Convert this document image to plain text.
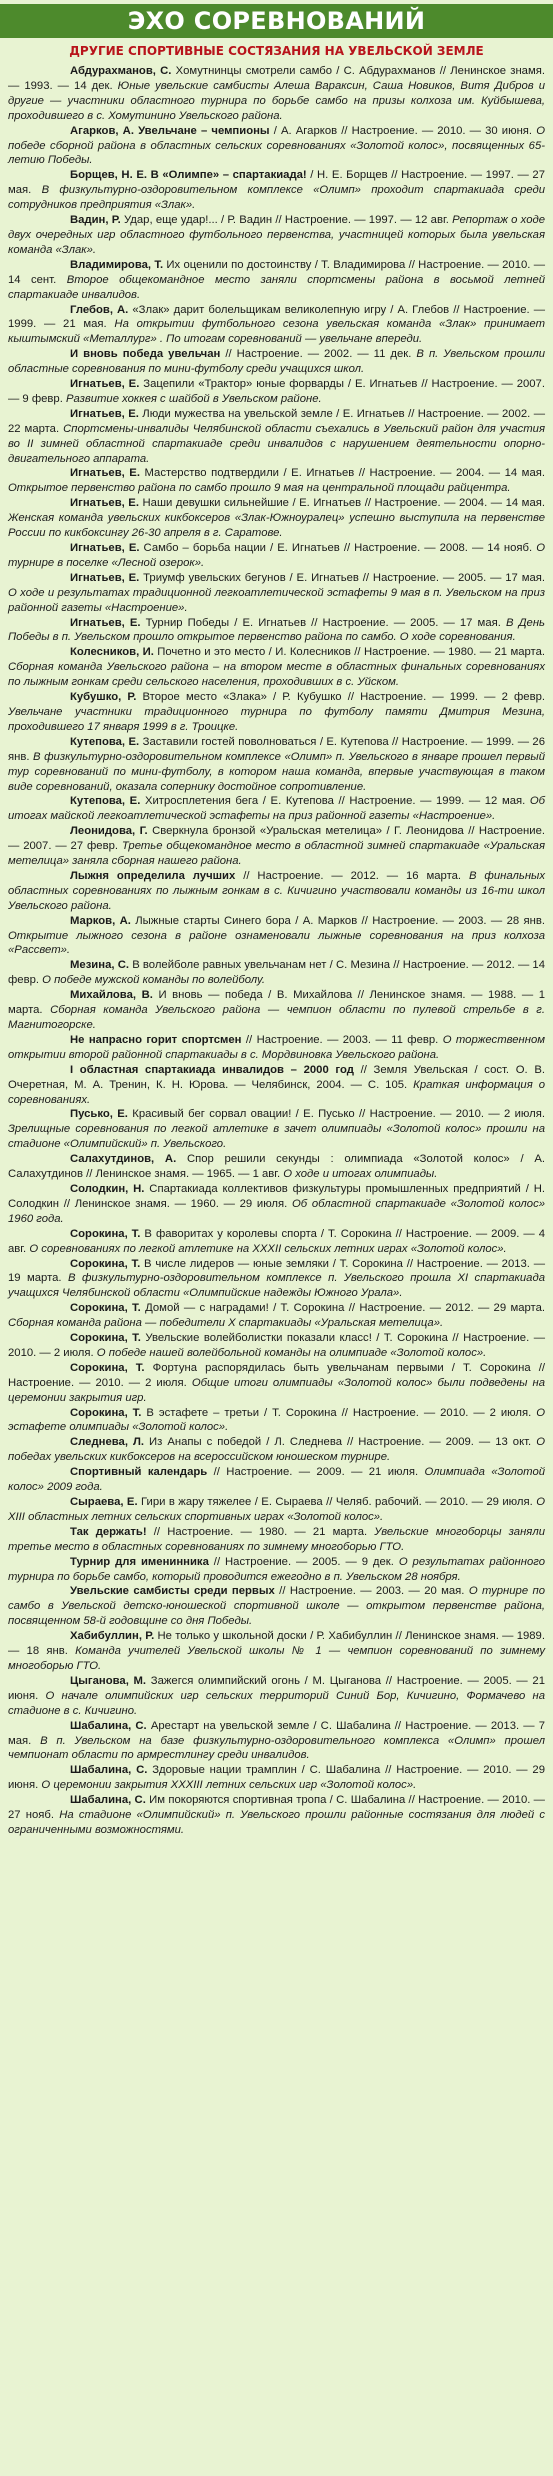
ЭХО СОРЕВНОВАНИЙ
ДРУГИЕ СПОРТИВНЫЕ СОСТЯЗАНИЯ НА УВЕЛЬСКОЙ ЗЕМЛЕ

Абдурахманов, С. Хомутнинцы смотрели самбо / С. Абдурахманов // Ленинское знамя. — 1993. — 14 дек. Юные увельские самбисты Алеша Вараксин, Саша Новиков, Витя Дибров и другие — участники областного турнира по борьбе самбо на призы колхоза им. Куйбышева, проходившего в с. Хомутинино Увельского района.

Агарков, А. Увельчане – чемпионы / А. Агарков // Настроение. — 2010. — 30 июня. О победе сборной района в областных сельских соревнованиях «Золотой колос», посвященных 65-летию Победы.

Борщев, Н. Е. В «Олимпе» – спартакиада! / Н. Е. Борщев // Настроение. — 1997. — 27 мая. В физкультурно-оздоровительном комплексе «Олимп» проходит спартакиада среди сотрудников предприятия «Злак».

Вадин, Р. Удар, еще удар!... / Р. Вадин // Настроение. — 1997. — 12 авг. Репортаж о ходе двух очередных игр областного футбольного первенства, участницей которых была увельская команда «Злак».

Владимирова, Т. Их оценили по достоинству / Т. Владимирова // Настроение. — 2010. — 14 сент. Второе общекомандное место заняли спортсмены района в восьмой летней спартакиаде инвалидов.

Глебов, А. «Злак» дарит болельщикам великолепную игру / А. Глебов // Настроение. — 1999. — 21 мая. На открытии футбольного сезона увельская команда «Злак» принимает кыштымский «Металлург» . По итогам соревнований — увельчане впереди.

И вновь победа увельчан // Настроение. — 2002. — 11 дек. В п. Увельском прошли областные соревнования по мини-футболу среди учащихся школ.

Игнатьев, Е. Зацепили «Трактор» юные форварды / Е. Игнатьев // Настроение. — 2007. — 9 февр. Развитие хоккея с шайбой в Увельском районе.

Игнатьев, Е. Люди мужества на увельской земле / Е. Игнатьев // Настроение. — 2002. — 22 марта. Спортсмены-инвалиды Челябинской области съехались в Увельский район для участия во II зимней областной спартакиаде среди инвалидов с нарушением деятельности опорно-двигательного аппарата.

Игнатьев, Е. Мастерство подтвердили / Е. Игнатьев // Настроение. — 2004. — 14 мая. Открытое первенство района по самбо прошло 9 мая на центральной площади райцентра.

Игнатьев, Е. Наши девушки сильнейшие / Е. Игнатьев // Настроение. — 2004. — 14 мая. Женская команда увельских кикбоксеров «Злак-Южноуралец» успешно выступила на первенстве России по кикбоксингу 26-30 апреля в г. Саратове.

Игнатьев, Е. Самбо – борьба нации / Е. Игнатьев // Настроение. — 2008. — 14 нояб. О турнире в поселке «Лесной озерок».

Игнатьев, Е. Триумф увельских бегунов / Е. Игнатьев // Настроение. — 2005. — 17 мая. О ходе и результатах традиционной легкоатлетической эстафеты 9 мая в п. Увельском на приз районной газеты «Настроение».

Игнатьев, Е. Турнир Победы / Е. Игнатьев // Настроение. — 2005. — 17 мая. В День Победы в п. Увельском прошло открытое первенство района по самбо. О ходе соревнования.

Колесников, И. Почетно и это место / И. Колесников // Настроение. — 1980. — 21 марта. Сборная команда Увельского района – на втором месте в областных финальных соревнованиях по лыжным гонкам среди сельского населения, проходивших в с. Уйском.

Кубушко, Р. Второе место «Злака» / Р. Кубушко // Настроение. — 1999. — 2 февр. Увельчане участники традиционного турнира по футболу памяти Дмитрия Мезина, проходившего 17 января 1999 в г. Троицке.

Кутепова, Е. Заставили гостей поволноваться / Е. Кутепова // Настроение. — 1999. — 26 янв. В физкультурно-оздоровительном комплексе «Олимп» п. Увельского в январе прошел первый тур соревнований по мини-футболу, в котором наша команда, впервые участвующая в таком виде соревнований, оказала сопернику достойное сопротивление.

Кутепова, Е. Хитросплетения бега / Е. Кутепова // Настроение. — 1999. — 12 мая. Об итогах майской легкоатлетической эстафеты на приз районной газеты «Настроение».

Леонидова, Г. Сверкнула бронзой «Уральская метелица» / Г. Леонидова // Настроение. — 2007. — 27 февр. Третье общекомандное место в областной зимней спартакиаде «Уральская метелица» заняла сборная нашего района.

Лыжня определила лучших // Настроение. — 2012. — 16 марта. В финальных областных соревнованиях по лыжным гонкам в с. Кичигино участвовали команды из 16-ти школ Увельского района.

Марков, А. Лыжные старты Синего бора / А. Марков // Настроение. — 2003. — 28 янв. Открытие лыжного сезона в районе ознаменовали лыжные соревнования на приз колхоза «Рассвет».

Мезина, С. В волейболе равных увельчанам нет / С. Мезина // Настроение. — 2012. — 14 февр. О победе мужской команды по волейболу.

Михайлова, В. И вновь — победа / В. Михайлова // Ленинское знамя. — 1988. — 1 марта. Сборная команда Увельского района — чемпион области по пулевой стрельбе в г. Магнитогорске.

Не напрасно горит спортсмен // Настроение. — 2003. — 11 февр. О торжественном открытии второй районной спартакиады в с. Мордвиновка Увельского района.

I областная спартакиада инвалидов – 2000 год // Земля Увельская / сост. О. В. Очеретная, М. А. Тренин, К. Н. Юрова. — Челябинск, 2004. — С. 105. Краткая информация о соревнованиях.

Пусько, Е. Красивый бег сорвал овации! / Е. Пусько // Настроение. — 2010. — 2 июля. Зрелищные соревнования по легкой атлетике в зачет олимпиады «Золотой колос» прошли на стадионе «Олимпийский» п. Увельского.

Салахутдинов, А. Спор решили секунды : олимпиада «Золотой колос» / А. Салахутдинов // Ленинское знамя. — 1965. — 1 авг. О ходе и итогах олимпиады.

Солодкин, Н. Спартакиада коллективов физкультуры промышленных предприятий / Н. Солодкин // Ленинское знамя. — 1960. — 29 июля. Об областной спартакиаде «Золотой колос» 1960 года.

Сорокина, Т. В фаворитах у королевы спорта / Т. Сорокина // Настроение. — 2009. — 4 авг. О соревнованиях по легкой атлетике на XXXII сельских летних играх «Золотой колос».

Сорокина, Т. В числе лидеров — юные земляки / Т. Сорокина // Настроение. — 2013. — 19 марта. В физкультурно-оздоровительном комплексе п. Увельского прошла XI спартакиада учащихся Челябинской области «Олимпийские надежды Южного Урала».

Сорокина, Т. Домой — с наградами! / Т. Сорокина // Настроение. — 2012. — 29 марта. Сборная команда района — победители X спартакиады «Уральская метелица».

Сорокина, Т. Увельские волейболистки показали класс! / Т. Сорокина // Настроение. — 2010. — 2 июля. О победе нашей волейбольной команды на олимпиаде «Золотой колос».

Сорокина, Т. Фортуна распорядилась быть увельчанам первыми / Т. Сорокина // Настроение. — 2010. — 2 июля. Общие итоги олимпиады «Золотой колос» были подведены на церемонии закрытия игр.

Сорокина, Т. В эстафете – третьи / Т. Сорокина // Настроение. — 2010. — 2 июля. О эстафете олимпиады «Золотой колос».

Следнева, Л. Из Анапы с победой / Л. Следнева // Настроение. — 2009. — 13 окт. О победах увельских кикбоксеров на всероссийском юношеском турнире.

Спортивный календарь // Настроение. — 2009. — 21 июля. Олимпиада «Золотой колос» 2009 года.

Сыраева, Е. Гири в жару тяжелее / Е. Сыраева // Челяб. рабочий. — 2010. — 29 июля. О XIII областных летних сельских спортивных играх «Золотой колос».

Так держать! // Настроение. — 1980. — 21 марта. Увельские многоборцы заняли третье место в областных соревнованиях по зимнему многоборью ГТО.

Турнир для именинника // Настроение. — 2005. — 9 дек. О результатах районного турнира по борьбе самбо, который проводится ежегодно в п. Увельском 28 ноября.

Увельские самбисты среди первых // Настроение. — 2003. — 20 мая. О турнире по самбо в Увельской детско-юношеской спортивной школе — открытом первенстве района, посвященном 58-й годовщине со дня Победы.

Хабибуллин, Р. Не только у школьной доски / Р. Хабибуллин // Ленинское знамя. — 1989. — 18 янв. Команда учителей Увельской школы № 1 — чемпион соревнований по зимнему многоборью ГТО.

Цыганова, М. Зажегся олимпийский огонь / М. Цыганова // Настроение. — 2005. — 21 июня. О начале олимпийских игр сельских территорий Синий Бор, Кичигино, Формачево на стадионе в с. Кичигино.

Шабалина, С. Арестарт на увельской земле / С. Шабалина // Настроение. — 2013. — 7 мая. В п. Увельском на базе физкультурно-оздоровительного комплекса «Олимп» прошел чемпионат области по армрестлингу среди инвалидов.

Шабалина, С. Здоровые нации трамплин / С. Шабалина // Настроение. — 2010. — 29 июня. О церемонии закрытия XXXIII летних сельских игр «Золотой колос».

Шабалина, С. Им покоряются спортивная тропа / С. Шабалина // Настроение. — 2010. — 27 нояб. На стадионе «Олимпийский» п. Увельского прошли районные состязания для людей с ограниченными возможностями.
